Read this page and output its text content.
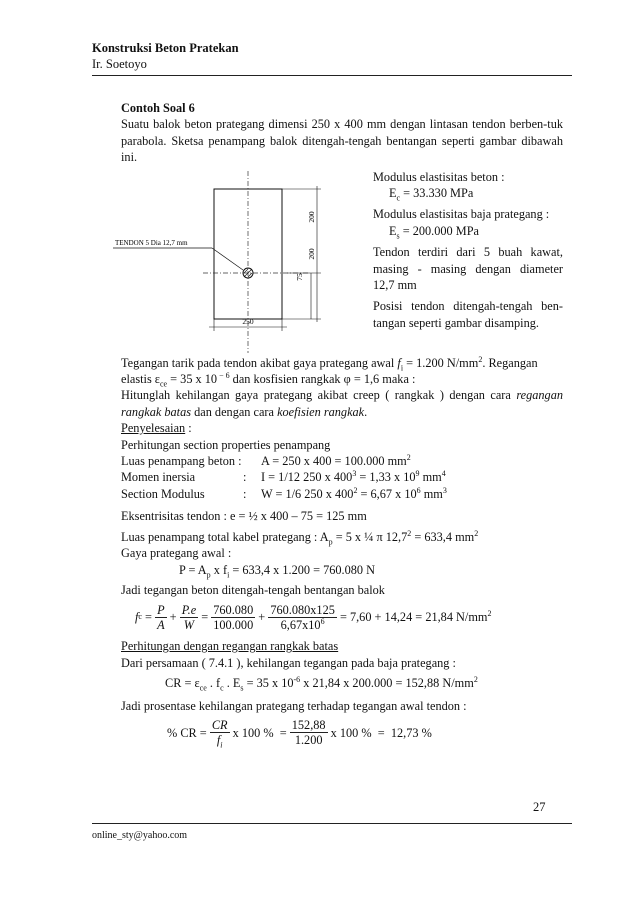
Konstruksi Beton Pratekan
Ir. Soetoyo
Contoh Soal 6
Suatu balok beton prategang dimensi 250 x 400 mm dengan lintasan tendon berben-tuk parabola. Sketsa penampang balok ditengah-tengah bentangan seperti gambar dibawah ini.
TENDON 5 Dia 12,7 mm
200
200
75
250

Modulus elastisitas beton :

$E_c = 33.330$ MPa

Modulus elastisitas baja prategang :

$E_s = 200.000$ MPa

Tendon terdiri dari 5 buah kawat, masing - masing dengan diameter 12,7 mm

Posisi tendon ditengah-tengah ben-tangan seperti gambar disamping.

Tegangan tarik pada tendon akibat gaya prategang awal $f_i = 1.200$ $N/mm^2$. Regangan

elastis $\varepsilon_{ce} = 35$ x 10 $^{- 6}$ dan kosfisien rangkak φ = 1,6 maka :

Hitunglah kehilangan gaya prategang akibat creep ( rangkak ) dengan cara regangan rangkak batas dan dengan cara koefisien rangkak.

Penyelesaian :

Perhitungan section properties penampang

Luas penampang beton :	A = 250 x 400 = 100.000 $mm^2$
Momen inersia	:	I = 1/12 250 x $400^3 = 1,33$ x $10^9$ $mm^4$
Section Modulus	:	W = 1/6 250 x $400^2 = 6,67$ x $10^6$ $mm^3$

Eksentrisitas tendon : e = ½ x 400 – 75 = 125 mm

Luas penampang total kabel prategang : $A_p = 5$ x ¼ π $12,7^2 = 633,4$ $mm^2$

Gaya prategang awal :

$P = A_p$ x $f_i = 633,4$ x 1.200 = 760.080 N

Jadi tegangan beton ditengah-tengah bentangan balok

f $c = \frac{P}{A} + \frac{P.e}{W} = \frac{760.080}{100.000} + \frac{760.080x125}{6,67x10^6} = 7,60 + 14,24 = 21,84$ $N/mm^2$

Perhitungan dengan regangan rangkak batas

Dari persamaan ( 7.4.1 ), kehilangan tegangan pada baja prategang :

CR = $\varepsilon_{ce}$ . $f_c$ . $E_s = 35$ x $10^{-6}$ x 21,84 x 200.000 = 152,88 $N/mm^2$

Jadi prosentase kehilangan prategang terhadap tegangan awal tendon :

% CR = $\frac{CR}{f_i}$ x 100 %  = $\frac{152,88}{1.200}$ x 100 %  =  12,73 %
27
online_sty@yahoo.com
